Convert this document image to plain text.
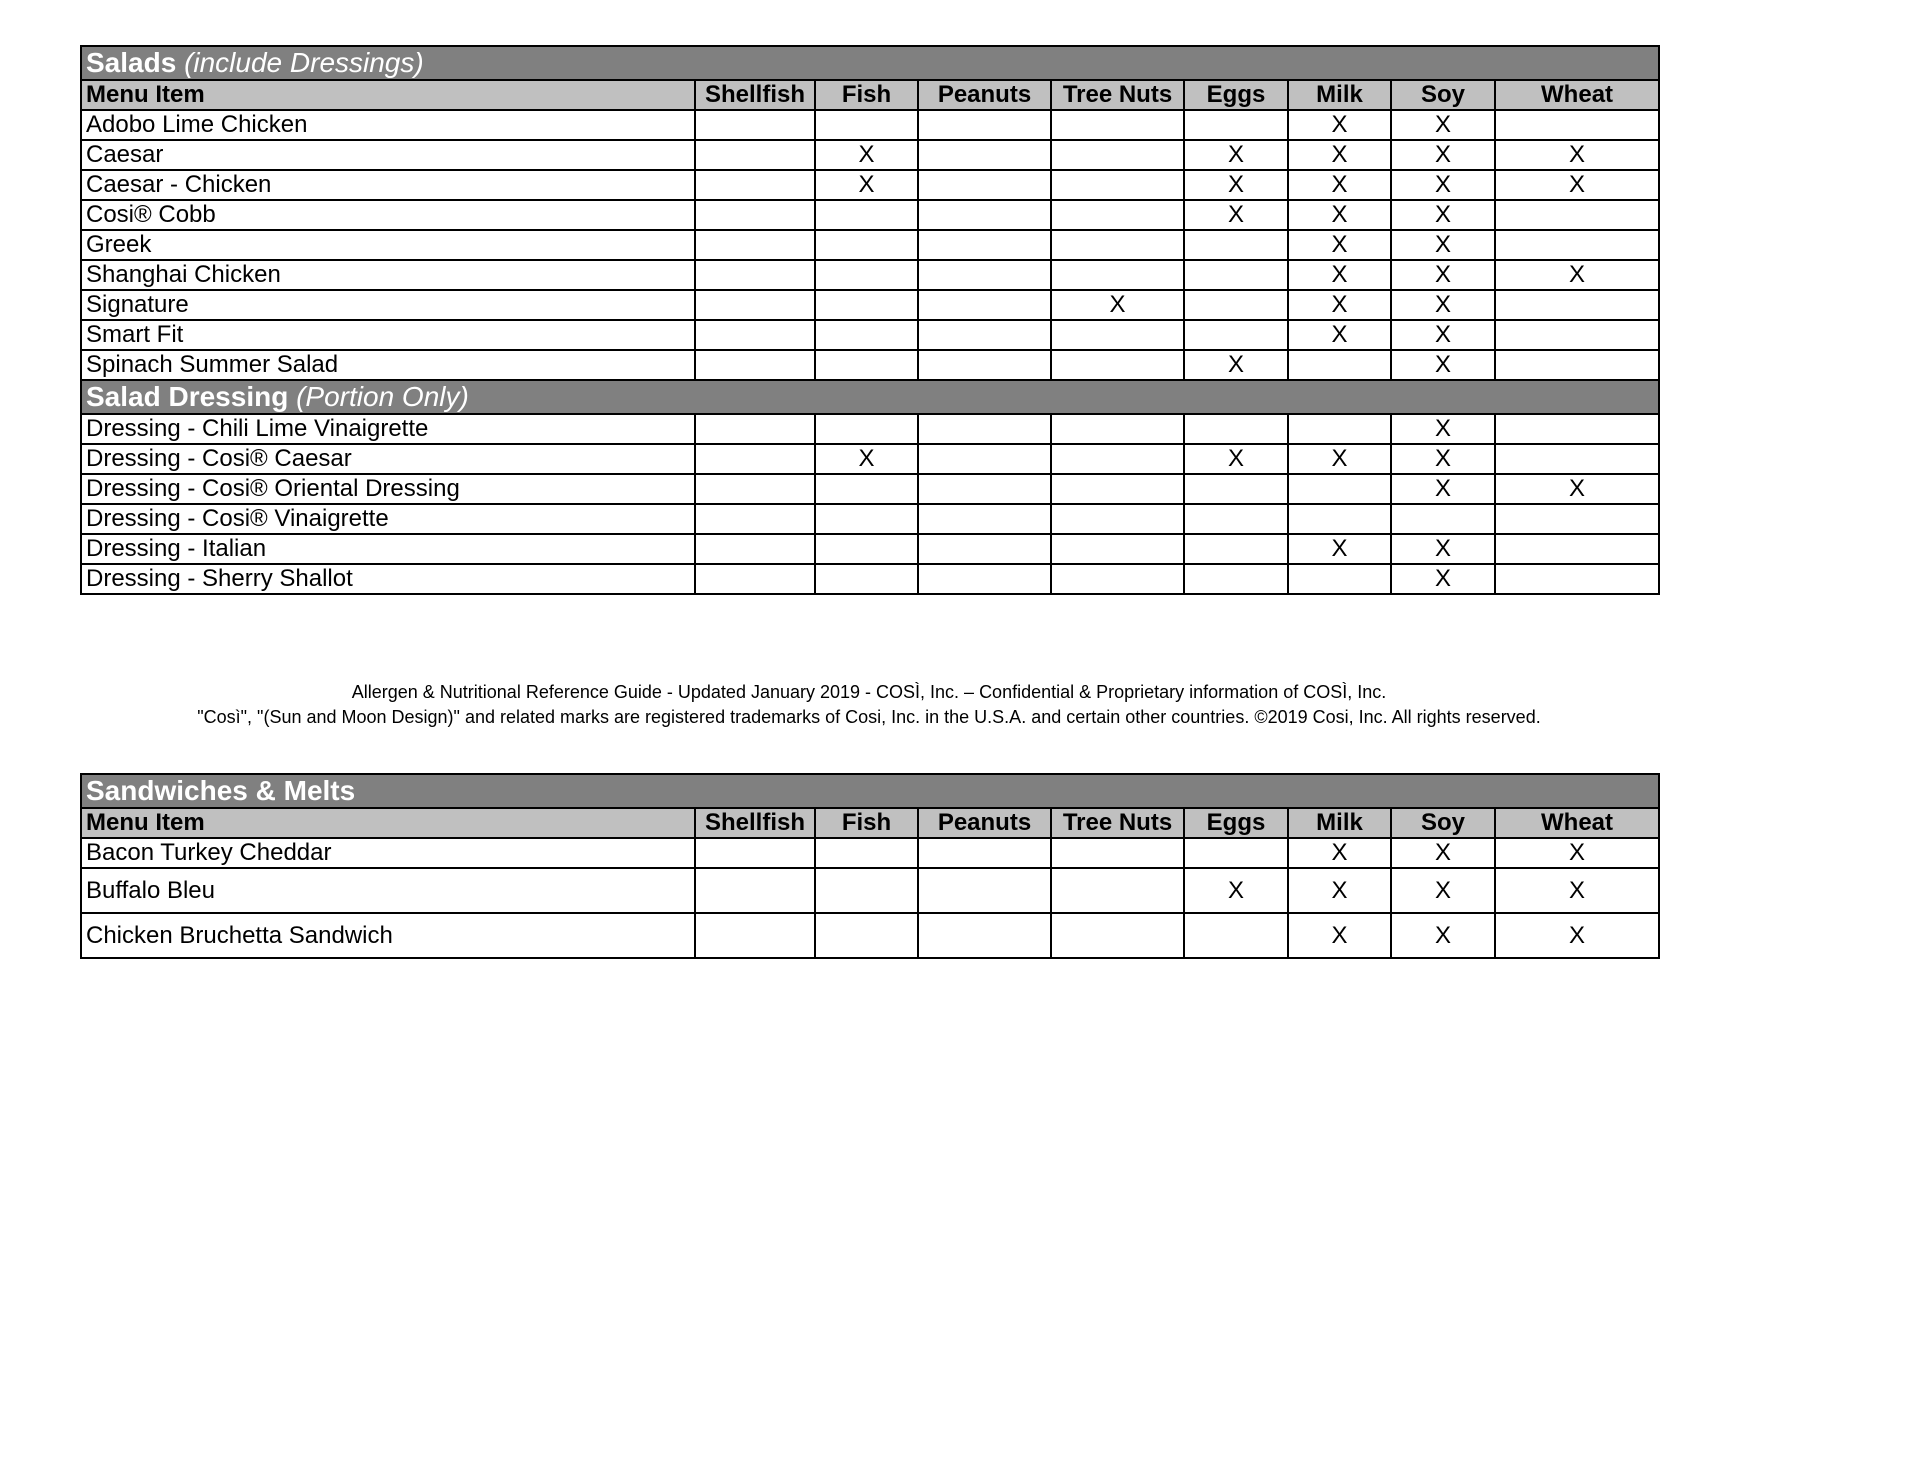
Salads (include Dressings)								
Menu Item	Shellfish	Fish	Peanuts	Tree Nuts	Eggs	Milk	Soy	Wheat
Adobo Lime Chicken						X	X	
Caesar		X			X	X	X	X
Caesar - Chicken		X			X	X	X	X
Cosi® Cobb					X	X	X	
Greek						X	X	
Shanghai Chicken						X	X	X
Signature				X		X	X	
Smart Fit						X	X	
Spinach Summer Salad					X		X	
Salad Dressing (Portion Only)								
Dressing - Chili Lime Vinaigrette							X	
Dressing - Cosi® Caesar		X			X	X	X	
Dressing - Cosi® Oriental Dressing							X	X
Dressing - Cosi® Vinaigrette								
Dressing - Italian						X	X	
Dressing - Sherry Shallot							X	
Allergen & Nutritional Reference Guide - Updated January 2019 - COSÌ, Inc. – Confidential & Proprietary information of COSÌ, Inc.
"Così", "(Sun and Moon Design)" and related marks are registered trademarks of Cosi, Inc. in the U.S.A. and certain other countries. ©2019 Cosi, Inc. All rights reserved.
Sandwiches & Melts								
Menu Item	Shellfish	Fish	Peanuts	Tree Nuts	Eggs	Milk	Soy	Wheat
Bacon Turkey Cheddar						X	X	X
Buffalo Bleu					X	X	X	X
Chicken Bruchetta Sandwich						X	X	X
